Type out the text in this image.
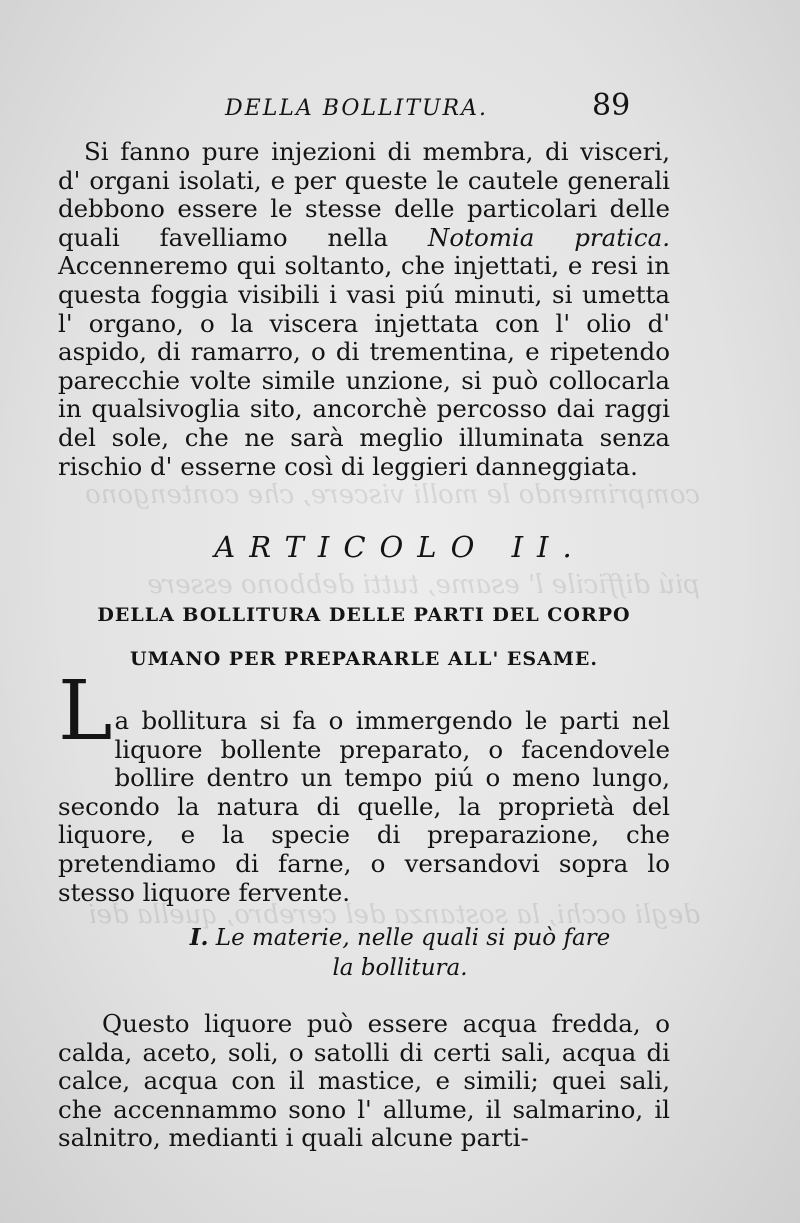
comprimendo le molli viscere, che contengono
piú difficile l' esame, tutti debbono essere
degli occhi, la sostanza del cerebro, quella dei
DELLA BOLLITURA.	89

Si fanno pure injezioni di membra, di visceri, d' organi isolati, e per queste le cautele generali debbono essere le stesse delle particolari delle quali favelliamo nella Notomia pratica. Accenneremo qui soltanto, che injettati, e resi in questa foggia visibili i vasi piú minuti, si umetta l' organo, o la viscera injettata con l' olio d' aspido, di ramarro, o di trementina, e ripetendo parecchie volte simile unzione, si può collocarla in qualsivoglia sito, ancorchè percosso dai raggi del sole, che ne sarà meglio illuminata senza rischio d' esserne così di leggieri danneggiata.

ARTICOLO II.
DELLA BOLLITURA DELLE PARTI DEL CORPO
UMANO PER PREPARARLE ALL' ESAME.

La bollitura si fa o immergendo le parti nel liquore bollente preparato, o facendovele bollire dentro un tempo piú o meno lungo, secondo la natura di quelle, la proprietà del liquore, e la specie di preparazione, che pretendiamo di farne, o versandovi sopra lo stesso liquore fervente.

I. Le materie, nelle quali si può fare
la bollitura.

Questo liquore può essere acqua fredda, o calda, aceto, soli, o satolli di certi sali, acqua di calce, acqua con il mastice, e simili; quei sali, che accennammo sono l' allume, il salmarino, il salnitro, medianti i quali alcune parti-
